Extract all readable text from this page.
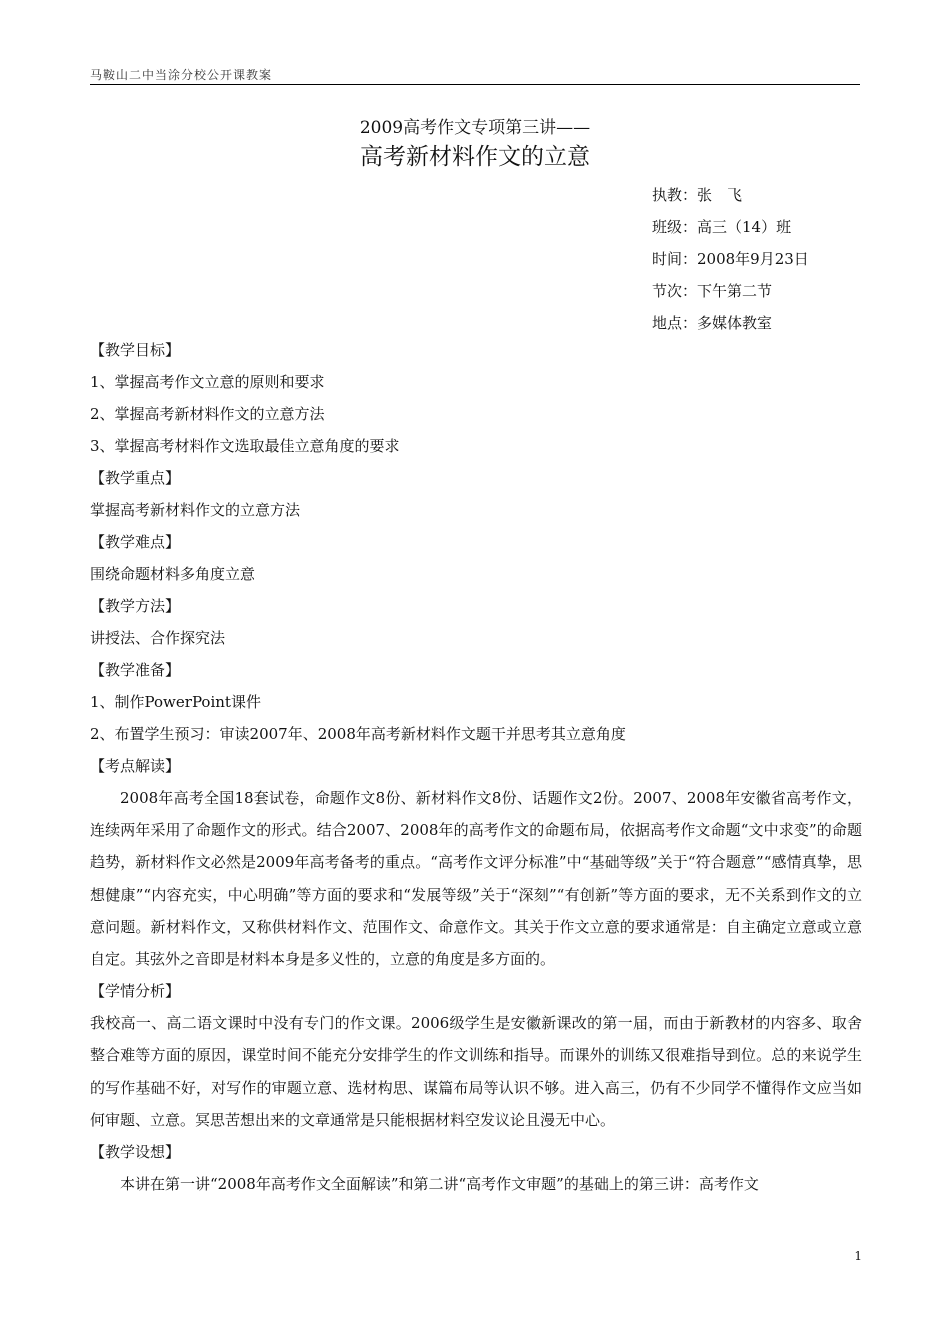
马鞍山二中当涂分校公开课教案
2009高考作文专项第三讲——
高考新材料作文的立意
执教：张　飞
班级：高三（14）班
时间：2008年9月23日
节次：下午第二节
地点：多媒体教室
【教学目标】
1、掌握高考作文立意的原则和要求
2、掌握高考新材料作文的立意方法
3、掌握高考材料作文选取最佳立意角度的要求
【教学重点】
掌握高考新材料作文的立意方法
【教学难点】
围绕命题材料多角度立意
【教学方法】
讲授法、合作探究法
【教学准备】
1、制作PowerPoint课件
2、布置学生预习：审读2007年、2008年高考新材料作文题干并思考其立意角度
【考点解读】

2008年高考全国18套试卷，命题作文8份、新材料作文8份、话题作文2份。2007、2008年安徽省高考作文，连续两年采用了命题作文的形式。结合2007、2008年的高考作文的命题布局，依据高考作文命题“文中求变”的命题趋势，新材料作文必然是2009年高考备考的重点。“高考作文评分标准”中“基础等级”关于“符合题意”“感情真挚，思想健康”“内容充实，中心明确”等方面的要求和“发展等级”关于“深刻”“有创新”等方面的要求，无不关系到作文的立意问题。新材料作文，又称供材料作文、范围作文、命意作文。其关于作文立意的要求通常是：自主确定立意或立意自定。其弦外之音即是材料本身是多义性的，立意的角度是多方面的。

【学情分析】

我校高一、高二语文课时中没有专门的作文课。2006级学生是安徽新课改的第一届，而由于新教材的内容多、取舍整合难等方面的原因，课堂时间不能充分安排学生的作文训练和指导。而课外的训练又很难指导到位。总的来说学生的写作基础不好，对写作的审题立意、选材构思、谋篇布局等认识不够。进入高三，仍有不少同学不懂得作文应当如何审题、立意。冥思苦想出来的文章通常是只能根据材料空发议论且漫无中心。

【教学设想】

本讲在第一讲“2008年高考作文全面解读”和第二讲“高考作文审题”的基础上的第三讲：高考作文

1
